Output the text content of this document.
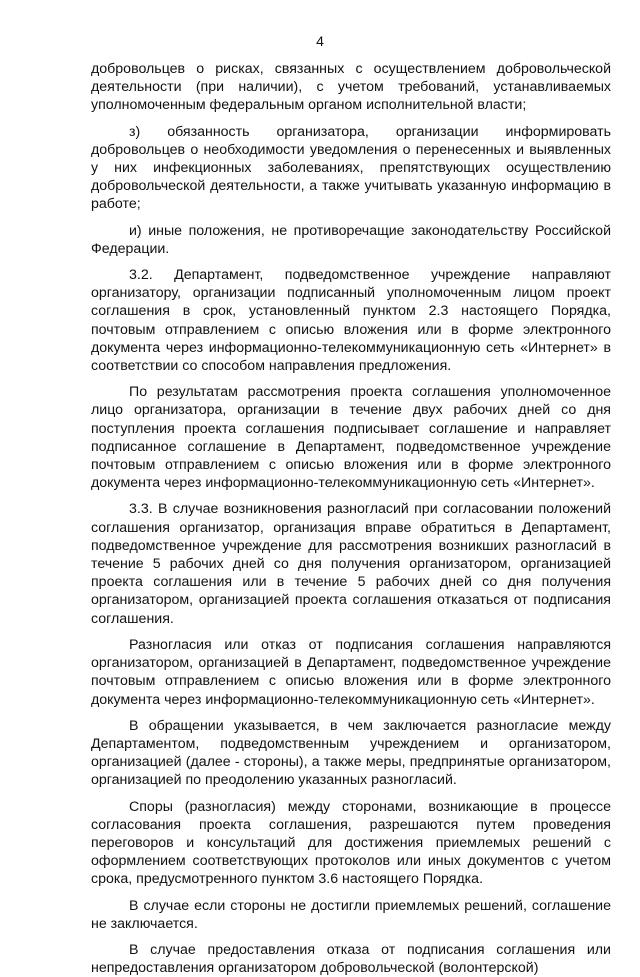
4

добровольцев о рисках, связанных с осуществлением добровольческой деятельности (при наличии), с учетом требований, устанавливаемых уполномоченным федеральным органом исполнительной власти;

з) обязанность организатора, организации информировать добровольцев о необходимости уведомления о перенесенных и выявленных у них инфекционных заболеваниях, препятствующих осуществлению добровольческой деятельности, а также учитывать указанную информацию в работе;

и) иные положения, не противоречащие законодательству Российской Федерации.

3.2. Департамент, подведомственное учреждение направляют организатору, организации подписанный уполномоченным лицом проект соглашения в срок, установленный пунктом 2.3 настоящего Порядка, почтовым отправлением с описью вложения или в форме электронного документа через информационно-телекоммуникационную сеть «Интернет» в соответствии со способом направления предложения.

По результатам рассмотрения проекта соглашения уполномоченное лицо организатора, организации в течение двух рабочих дней со дня поступления проекта соглашения подписывает соглашение и направляет подписанное соглашение в Департамент, подведомственное учреждение почтовым отправлением с описью вложения или в форме электронного документа через информационно-телекоммуникационную сеть «Интернет».

3.3. В случае возникновения разногласий при согласовании положений соглашения организатор, организация вправе обратиться в Департамент, подведомственное учреждение для рассмотрения возникших разногласий в течение 5 рабочих дней со дня получения организатором, организацией проекта соглашения или в течение 5 рабочих дней со дня получения организатором, организацией проекта соглашения отказаться от подписания соглашения.

Разногласия или отказ от подписания соглашения направляются организатором, организацией в Департамент, подведомственное учреждение почтовым отправлением с описью вложения или в форме электронного документа через информационно-телекоммуникационную сеть «Интернет».

В обращении указывается, в чем заключается разногласие между Департаментом, подведомственным учреждением и организатором, организацией (далее - стороны), а также меры, предпринятые организатором, организацией по преодолению указанных разногласий.

Споры (разногласия) между сторонами, возникающие в процессе согласования проекта соглашения, разрешаются путем проведения переговоров и консультаций для достижения приемлемых решений с оформлением соответствующих протоколов или иных документов с учетом срока, предусмотренного пунктом 3.6 настоящего Порядка.

В случае если стороны не достигли приемлемых решений, соглашение не заключается.

В случае предоставления отказа от подписания соглашения или непредоставления организатором добровольческой (волонтерской)
